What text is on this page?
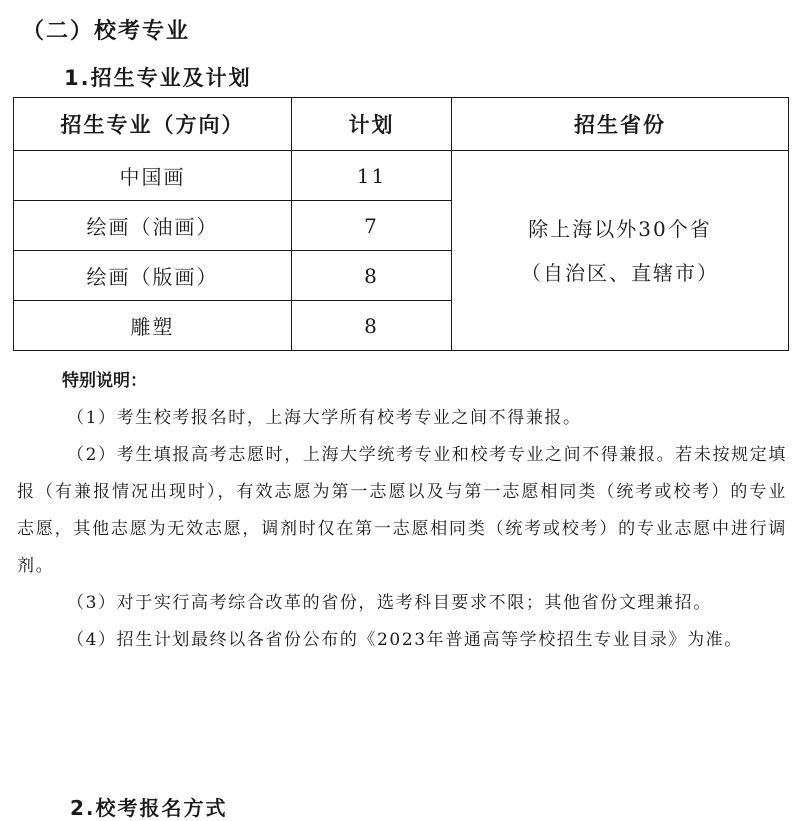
（二）校考专业
1.招生专业及计划
招生专业（方向）	计划	招生省份
中国画	11	除上海以外30个省
（自治区、直辖市）

绘画（油画）	7	
绘画（版画）	8	
雕塑	8	
特别说明：

（1）考生校考报名时，上海大学所有校考专业之间不得兼报。

（2）考生填报高考志愿时，上海大学统考专业和校考专业之间不得兼报。若未按规定填报（有兼报情况出现时），有效志愿为第一志愿以及与第一志愿相同类（统考或校考）的专业志愿，其他志愿为无效志愿，调剂时仅在第一志愿相同类（统考或校考）的专业志愿中进行调剂。

（3）对于实行高考综合改革的省份，选考科目要求不限；其他省份文理兼招。

（4）招生计划最终以各省份公布的《2023年普通高等学校招生专业目录》为准。

2.校考报名方式
